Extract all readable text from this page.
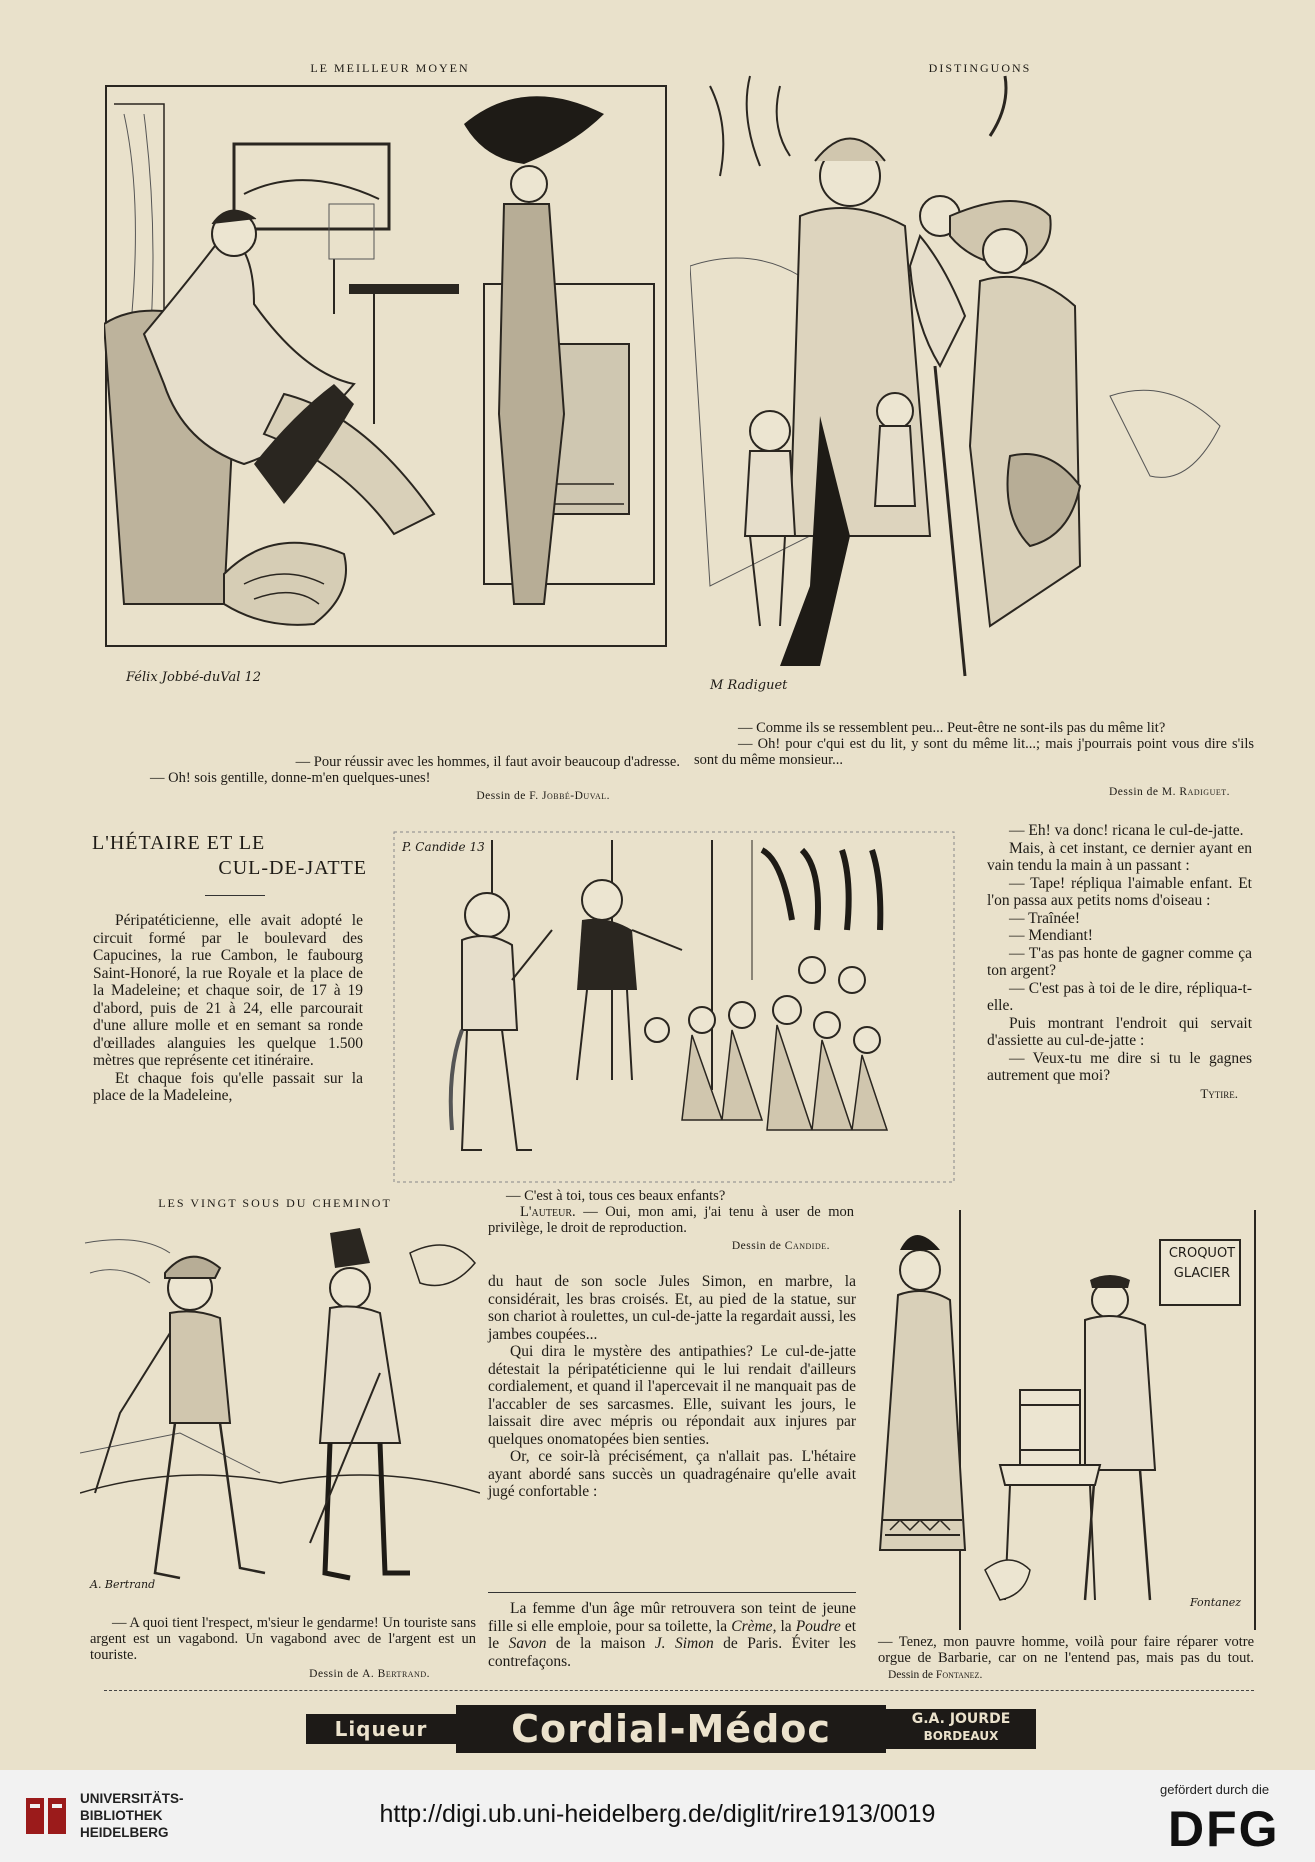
LE MEILLEUR MOYEN
Félix Jobbé-duVal 12
— Pour réussir avec les hommes, il faut avoir beaucoup d'adresse.
— Oh! sois gentille, donne-m'en quelques-unes!
Dessin de F. Jobbé-Duval.
DISTINGUONS
M Radiguet
— Comme ils se ressemblent peu... Peut-être ne sont-ils pas du même lit?
— Oh! pour c'qui est du lit, y sont du même lit...; mais j'pourrais point vous dire s'ils sont du même monsieur...
Dessin de M. Radiguet.
L'HÉTAIRE ET LE
CUL-DE-JATTE

Péripatéticienne, elle avait adopté le circuit formé par le boulevard des Capucines, la rue Cambon, le faubourg Saint-Honoré, la rue Royale et la place de la Madeleine; et chaque soir, de 17 à 19 d'abord, puis de 21 à 24, elle parcourait d'une allure molle et en semant sa ronde d'œillades alanguies les quelque 1.500 mètres que représente cet itinéraire.

Et chaque fois qu'elle passait sur la place de la Madeleine,

P. Candide 13
— C'est à toi, tous ces beaux enfants?
L'auteur. — Oui, mon ami, j'ai tenu à user de mon privilège, le droit de reproduction.
Dessin de Candide.

— Eh! va donc! ricana le cul-de-jatte.

Mais, à cet instant, ce dernier ayant en vain tendu la main à un passant :

— Tape! répliqua l'aimable enfant. Et l'on passa aux petits noms d'oiseau :

— Traînée!

— Mendiant!

— T'as pas honte de gagner comme ça ton argent?

— C'est pas à toi de le dire, répliqua-t-elle.

Puis montrant l'endroit qui servait d'assiette au cul-de-jatte :

— Veux-tu me dire si tu le gagnes autrement que moi?

Tytire.

du haut de son socle Jules Simon, en marbre, la considérait, les bras croisés. Et, au pied de la statue, sur son chariot à roulettes, un cul-de-jatte la regardait aussi, les jambes coupées...

Qui dira le mystère des antipathies? Le cul-de-jatte détestait la péripatéticienne qui le lui rendait d'ailleurs cordialement, et quand il l'apercevait il ne manquait pas de l'accabler de ses sarcasmes. Elle, suivant les jours, le laissait dire avec mépris ou répondait aux injures par quelques onomatopées bien senties.

Or, ce soir-là précisément, ça n'allait pas. L'hétaire ayant abordé sans succès un quadragénaire qu'elle avait jugé confortable :

La femme d'un âge mûr retrouvera son teint de jeune fille si elle emploie, pour sa toilette, la Crème, la Poudre et le Savon de la maison J. Simon de Paris. Éviter les contrefaçons.

LES VINGT SOUS DU CHEMINOT
A. Bertrand
— A quoi tient l'respect, m'sieur le gendarme! Un touriste sans argent est un vagabond. Un vagabond avec de l'argent est un touriste.
Dessin de A. Bertrand.
CROQUOT
GLACIER
Fontanez
— Tenez, mon pauvre homme, voilà pour faire réparer votre orgue de Barbarie, car on ne l'entend pas, mais pas du tout. Dessin de Fontanez.
Liqueur	Cordial-Médoc	G.A. JOURDE
BORDEAUX
UNIVERSITÄTS-
BIBLIOTHEK
HEIDELBERG
http://digi.ub.uni-heidelberg.de/diglit/rire1913/0019
gefördert durch die
DFG
